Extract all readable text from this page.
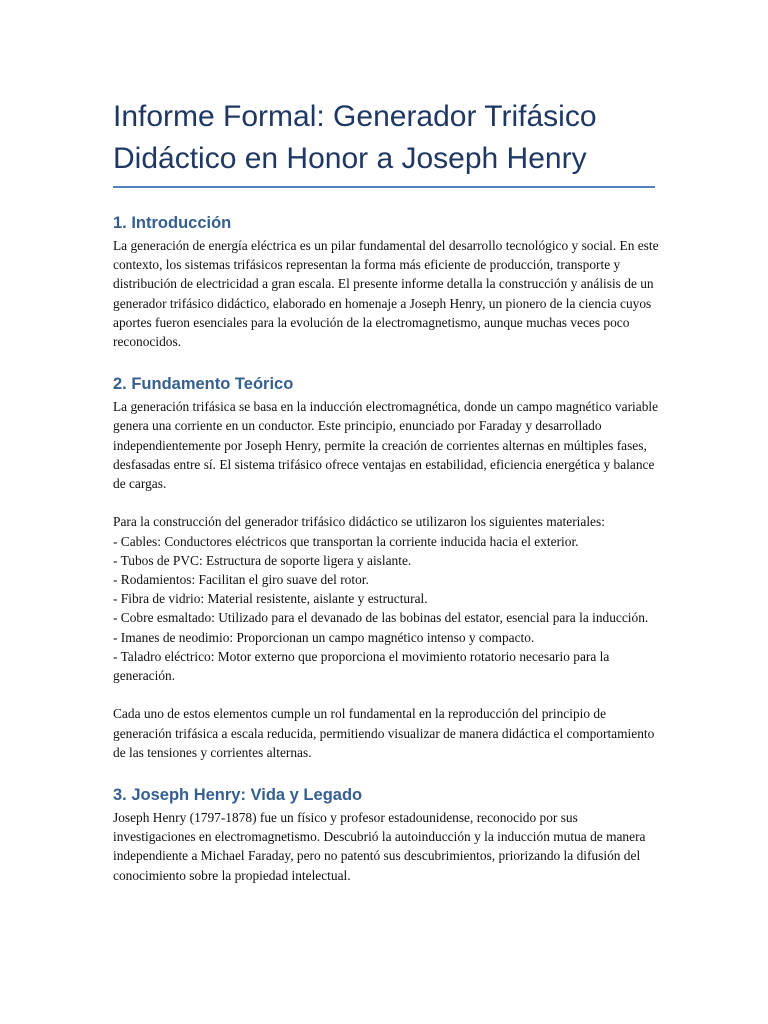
Informe Formal: Generador Trifásico
Didáctico en Honor a Joseph Henry
1. Introducción

La generación de energía eléctrica es un pilar fundamental del desarrollo tecnológico y social. En este contexto, los sistemas trifásicos representan la forma más eficiente de producción, transporte y distribución de electricidad a gran escala. El presente informe detalla la construcción y análisis de un generador trifásico didáctico, elaborado en homenaje a Joseph Henry, un pionero de la ciencia cuyos aportes fueron esenciales para la evolución de la electromagnetismo, aunque muchas veces poco reconocidos.

2. Fundamento Teórico

La generación trifásica se basa en la inducción electromagnética, donde un campo magnético variable genera una corriente en un conductor. Este principio, enunciado por Faraday y desarrollado independientemente por Joseph Henry, permite la creación de corrientes alternas en múltiples fases, desfasadas entre sí. El sistema trifásico ofrece ventajas en estabilidad, eficiencia energética y balance de cargas.

Para la construcción del generador trifásico didáctico se utilizaron los siguientes materiales:

- Cables: Conductores eléctricos que transportan la corriente inducida hacia el exterior.

- Tubos de PVC: Estructura de soporte ligera y aislante.

- Rodamientos: Facilitan el giro suave del rotor.

- Fibra de vidrio: Material resistente, aislante y estructural.

- Cobre esmaltado: Utilizado para el devanado de las bobinas del estator, esencial para la inducción.

- Imanes de neodimio: Proporcionan un campo magnético intenso y compacto.

- Taladro eléctrico: Motor externo que proporciona el movimiento rotatorio necesario para la generación.

Cada uno de estos elementos cumple un rol fundamental en la reproducción del principio de generación trifásica a escala reducida, permitiendo visualizar de manera didáctica el comportamiento de las tensiones y corrientes alternas.

3. Joseph Henry: Vida y Legado

Joseph Henry (1797-1878) fue un físico y profesor estadounidense, reconocido por sus investigaciones en electromagnetismo. Descubrió la autoinducción y la inducción mutua de manera independiente a Michael Faraday, pero no patentó sus descubrimientos, priorizando la difusión del conocimiento sobre la propiedad intelectual.
